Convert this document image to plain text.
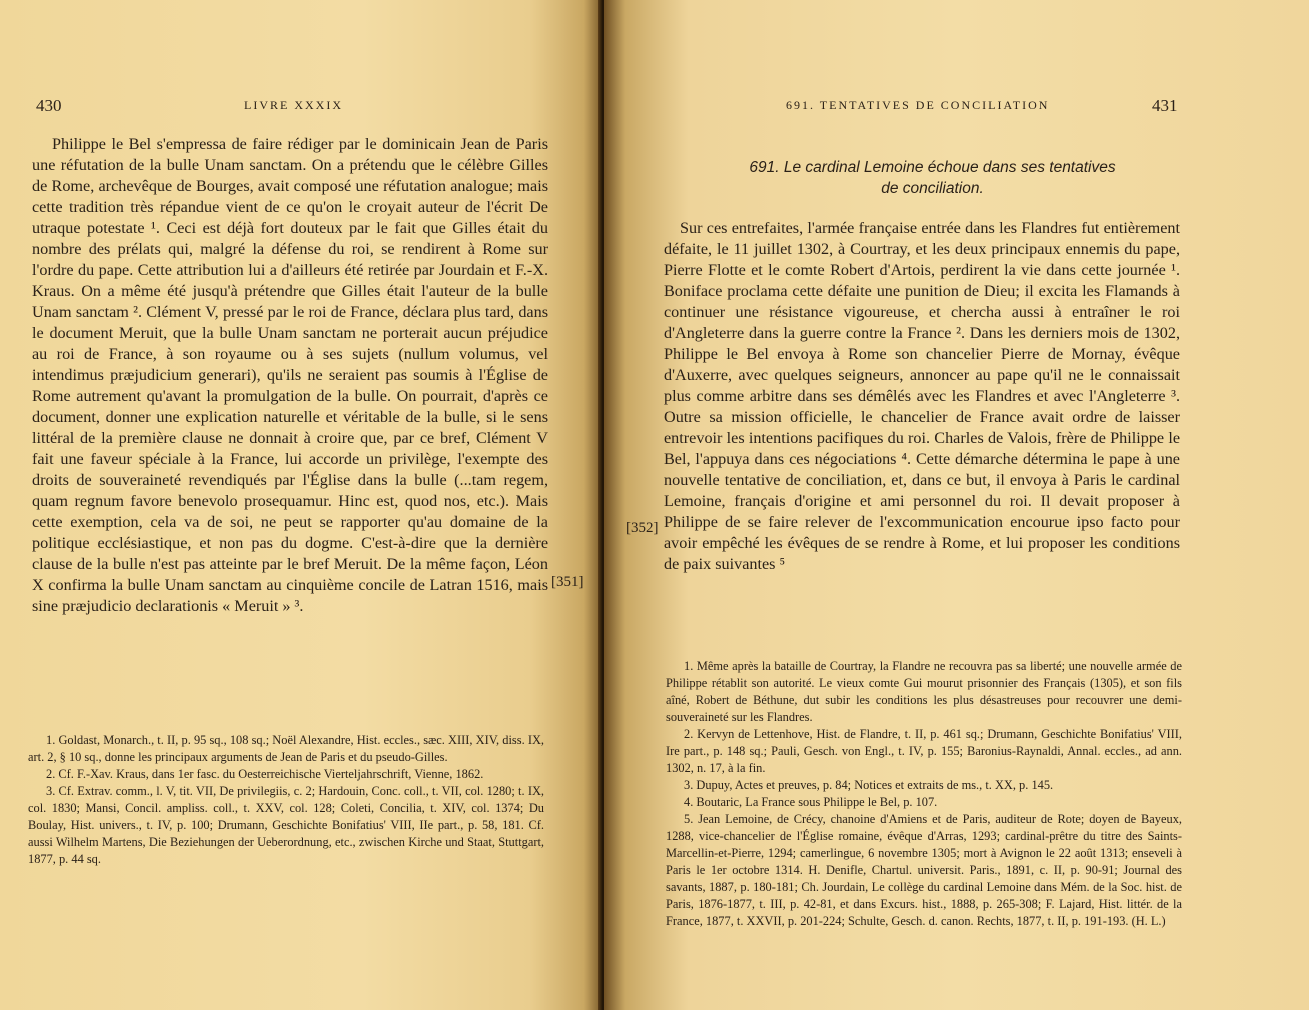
430	LIVRE XXXIX

Philippe le Bel s'empressa de faire rédiger par le dominicain Jean de Paris une réfutation de la bulle Unam sanctam. On a prétendu que le célèbre Gilles de Rome, archevêque de Bourges, avait composé une réfutation analogue; mais cette tradition très répandue vient de ce qu'on le croyait auteur de l'écrit De utraque potestate ¹. Ceci est déjà fort douteux par le fait que Gilles était du nombre des prélats qui, malgré la défense du roi, se rendirent à Rome sur l'ordre du pape. Cette attribution lui a d'ailleurs été retirée par Jourdain et F.-X. Kraus. On a même été jusqu'à prétendre que Gilles était l'auteur de la bulle Unam sanctam ². Clément V, pressé par le roi de France, déclara plus tard, dans le document Meruit, que la bulle Unam sanctam ne porterait aucun préjudice au roi de France, à son royaume ou à ses sujets (nullum volumus, vel intendimus præjudicium generari), qu'ils ne seraient pas soumis à l'Église de Rome autrement qu'avant la promulgation de la bulle. On pourrait, d'après ce document, donner une explication naturelle et véritable de la bulle, si le sens littéral de la première clause ne donnait à croire que, par ce bref, Clément V fait une faveur spéciale à la France, lui accorde un privilège, l'exempte des droits de souveraineté revendiqués par l'Église dans la bulle (...tam regem, quam regnum favore benevolo prosequamur. Hinc est, quod nos, etc.). Mais cette exemption, cela va de soi, ne peut se rapporter qu'au domaine de la politique ecclésiastique, et non pas du dogme. C'est-à-dire que la dernière clause de la bulle n'est pas atteinte par le bref Meruit. De la même façon, Léon X confirma la bulle Unam sanctam au cinquième concile de Latran 1516, mais sine præjudicio declarationis « Meruit » ³.

[351]

1. Goldast, Monarch., t. II, p. 95 sq., 108 sq.; Noël Alexandre, Hist. eccles., sæc. XIII, XIV, diss. IX, art. 2, § 10 sq., donne les principaux arguments de Jean de Paris et du pseudo-Gilles.

2. Cf. F.-Xav. Kraus, dans 1er fasc. du Oesterreichische Vierteljahrschrift, Vienne, 1862.

3. Cf. Extrav. comm., l. V, tit. VII, De privilegiis, c. 2; Hardouin, Conc. coll., t. VII, col. 1280; t. IX, col. 1830; Mansi, Concil. ampliss. coll., t. XXV, col. 128; Coleti, Concilia, t. XIV, col. 1374; Du Boulay, Hist. univers., t. IV, p. 100; Drumann, Geschichte Bonifatius' VIII, IIe part., p. 58, 181. Cf. aussi Wilhelm Martens, Die Beziehungen der Ueberordnung, etc., zwischen Kirche und Staat, Stuttgart, 1877, p. 44 sq.

691. TENTATIVES DE CONCILIATION	431
691. Le cardinal Lemoine échoue dans ses tentatives
de conciliation.

Sur ces entrefaites, l'armée française entrée dans les Flandres fut entièrement défaite, le 11 juillet 1302, à Courtray, et les deux principaux ennemis du pape, Pierre Flotte et le comte Robert d'Artois, perdirent la vie dans cette journée ¹. Boniface proclama cette défaite une punition de Dieu; il excita les Flamands à continuer une résistance vigoureuse, et chercha aussi à entraîner le roi d'Angleterre dans la guerre contre la France ². Dans les derniers mois de 1302, Philippe le Bel envoya à Rome son chancelier Pierre de Mornay, évêque d'Auxerre, avec quelques seigneurs, annoncer au pape qu'il ne le connaissait plus comme arbitre dans ses démêlés avec les Flandres et avec l'Angleterre ³. Outre sa mission officielle, le chancelier de France avait ordre de laisser entrevoir les intentions pacifiques du roi. Charles de Valois, frère de Philippe le Bel, l'appuya dans ces négociations ⁴. Cette démarche détermina le pape à une nouvelle tentative de conciliation, et, dans ce but, il envoya à Paris le cardinal Lemoine, français d'origine et ami personnel du roi. Il devait proposer à Philippe de se faire relever de l'excommunication encourue ipso facto pour avoir empêché les évêques de se rendre à Rome, et lui proposer les conditions de paix suivantes ⁵

[352]

1. Même après la bataille de Courtray, la Flandre ne recouvra pas sa liberté; une nouvelle armée de Philippe rétablit son autorité. Le vieux comte Gui mourut prisonnier des Français (1305), et son fils aîné, Robert de Béthune, dut subir les conditions les plus désastreuses pour recouvrer une demi-souveraineté sur les Flandres.

2. Kervyn de Lettenhove, Hist. de Flandre, t. II, p. 461 sq.; Drumann, Geschichte Bonifatius' VIII, Ire part., p. 148 sq.; Pauli, Gesch. von Engl., t. IV, p. 155; Baronius-Raynaldi, Annal. eccles., ad ann. 1302, n. 17, à la fin.

3. Dupuy, Actes et preuves, p. 84; Notices et extraits de ms., t. XX, p. 145.

4. Boutaric, La France sous Philippe le Bel, p. 107.

5. Jean Lemoine, de Crécy, chanoine d'Amiens et de Paris, auditeur de Rote; doyen de Bayeux, 1288, vice-chancelier de l'Église romaine, évêque d'Arras, 1293; cardinal-prêtre du titre des Saints-Marcellin-et-Pierre, 1294; camerlingue, 6 novembre 1305; mort à Avignon le 22 août 1313; enseveli à Paris le 1er octobre 1314. H. Denifle, Chartul. universit. Paris., 1891, c. II, p. 90-91; Journal des savants, 1887, p. 180-181; Ch. Jourdain, Le collège du cardinal Lemoine dans Mém. de la Soc. hist. de Paris, 1876-1877, t. III, p. 42-81, et dans Excurs. hist., 1888, p. 265-308; F. Lajard, Hist. littér. de la France, 1877, t. XXVII, p. 201-224; Schulte, Gesch. d. canon. Rechts, 1877, t. II, p. 191-193. (H. L.)
